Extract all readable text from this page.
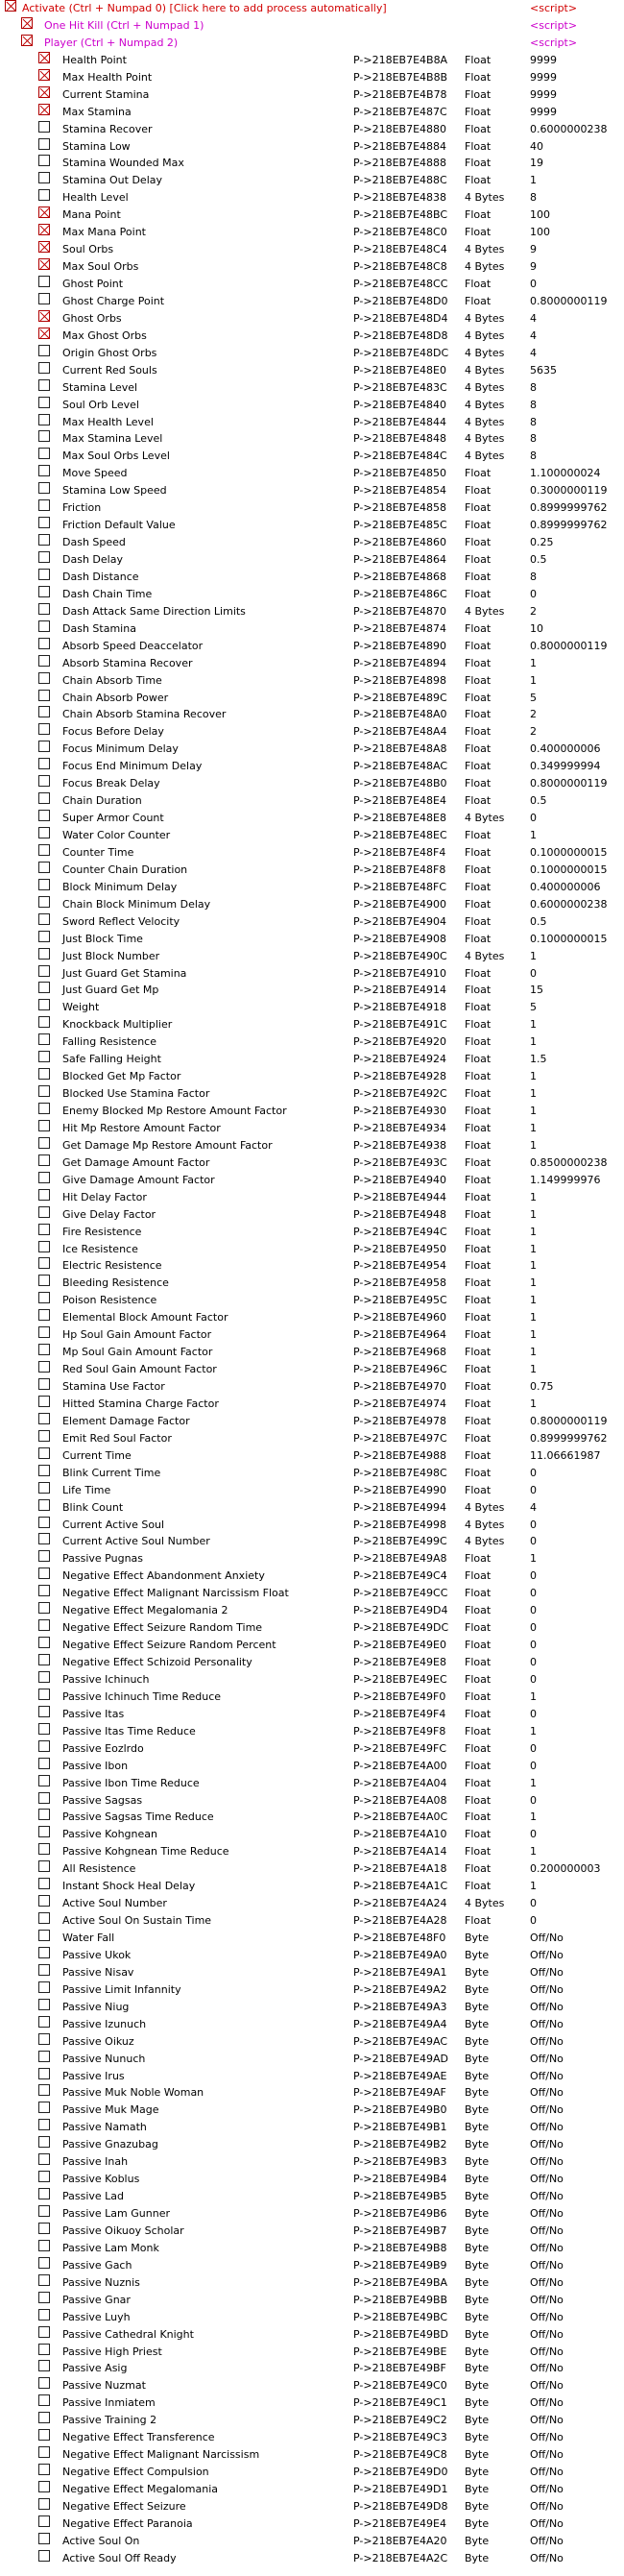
Activate (Ctrl + Numpad 0) [Click here to add process automatically]	<script>
One Hit Kill (Ctrl + Numpad 1)	<script>
Player (Ctrl + Numpad 2)	<script>
Health Point	P->218EB7E4B8A Float	9999
Max Health Point	P->218EB7E4B8B Float	9999
Current Stamina	P->218EB7E4B78 Float	9999
Max Stamina	P->218EB7E487C Float	9999
Stamina Recover	P->218EB7E4880 Float	0.6000000238
Stamina Low	P->218EB7E4884 Float	40
Stamina Wounded Max	P->218EB7E4888 Float	19
Stamina Out Delay	P->218EB7E488C Float	1
Health Level	P->218EB7E4838 4 Bytes 8
Mana Point	P->218EB7E48BC Float	100
Max Mana Point	P->218EB7E48C0 Float	100
Soul Orbs	P->218EB7E48C4 4 Bytes 9
Max Soul Orbs	P->218EB7E48C8 4 Bytes 9
Ghost Point	P->218EB7E48CC Float	0
Ghost Charge Point	P->218EB7E48D0 Float	0.8000000119
Ghost Orbs	P->218EB7E48D4 4 Bytes 4
Max Ghost Orbs	P->218EB7E48D8 4 Bytes 4
Origin Ghost Orbs	P->218EB7E48DC 4 Bytes 4
Current Red Souls	P->218EB7E48E0 4 Bytes 5635
Stamina Level	P->218EB7E483C 4 Bytes 8
Soul Orb Level	P->218EB7E4840 4 Bytes 8
Max Health Level	P->218EB7E4844 4 Bytes 8
Max Stamina Level	P->218EB7E4848 4 Bytes 8
Max Soul Orbs Level	P->218EB7E484C 4 Bytes 8
Move Speed	P->218EB7E4850 Float	1.100000024
Stamina Low Speed	P->218EB7E4854 Float	0.3000000119
Friction	P->218EB7E4858 Float	0.8999999762
Friction Default Value	P->218EB7E485C Float	0.8999999762
Dash Speed	P->218EB7E4860 Float	0.25
Dash Delay	P->218EB7E4864 Float	0.5
Dash Distance	P->218EB7E4868 Float	8
Dash Chain Time	P->218EB7E486C Float	0
Dash Attack Same Direction Limits	P->218EB7E4870 4 Bytes 2
Dash Stamina	P->218EB7E4874 Float	10
Absorb Speed Deaccelator	P->218EB7E4890 Float	0.8000000119
Absorb Stamina Recover	P->218EB7E4894 Float	1
Chain Absorb Time	P->218EB7E4898 Float	1
Chain Absorb Power	P->218EB7E489C Float	5
Chain Absorb Stamina Recover	P->218EB7E48A0 Float	2
Focus Before Delay	P->218EB7E48A4 Float	2
Focus Minimum Delay	P->218EB7E48A8 Float	0.400000006
Focus End Minimum Delay	P->218EB7E48AC Float	0.349999994
Focus Break Delay	P->218EB7E48B0 Float	0.8000000119
Chain Duration	P->218EB7E48E4 Float	0.5
Super Armor Count	P->218EB7E48E8 4 Bytes 0
Water Color Counter	P->218EB7E48EC Float	1
Counter Time	P->218EB7E48F4 Float	0.1000000015
Counter Chain Duration	P->218EB7E48F8 Float	0.1000000015
Block Minimum Delay	P->218EB7E48FC Float	0.400000006
Chain Block Minimum Delay	P->218EB7E4900 Float	0.6000000238
Sword Reflect Velocity	P->218EB7E4904 Float	0.5
Just Block Time	P->218EB7E4908 Float	0.1000000015
Just Block Number	P->218EB7E490C 4 Bytes 1
Just Guard Get Stamina	P->218EB7E4910 Float	0
Just Guard Get Mp	P->218EB7E4914 Float	15
Weight	P->218EB7E4918 Float	5
Knockback Multiplier	P->218EB7E491C Float	1
Falling Resistence	P->218EB7E4920 Float	1
Safe Falling Height	P->218EB7E4924 Float	1.5
Blocked Get Mp Factor	P->218EB7E4928 Float	1
Blocked Use Stamina Factor	P->218EB7E492C Float	1
Enemy Blocked Mp Restore Amount Factor	P->218EB7E4930 Float	1
Hit Mp Restore Amount Factor	P->218EB7E4934 Float	1
Get Damage Mp Restore Amount Factor	P->218EB7E4938 Float	1
Get Damage Amount Factor	P->218EB7E493C Float	0.8500000238
Give Damage Amount Factor	P->218EB7E4940 Float	1.149999976
Hit Delay Factor	P->218EB7E4944 Float	1
Give Delay Factor	P->218EB7E4948 Float	1
Fire Resistence	P->218EB7E494C Float	1
Ice Resistence	P->218EB7E4950 Float	1
Electric Resistence	P->218EB7E4954 Float	1
Bleeding Resistence	P->218EB7E4958 Float	1
Poison Resistence	P->218EB7E495C Float	1
Elemental Block Amount Factor	P->218EB7E4960 Float	1
Hp Soul Gain Amount Factor	P->218EB7E4964 Float	1
Mp Soul Gain Amount Factor	P->218EB7E4968 Float	1
Red Soul Gain Amount Factor	P->218EB7E496C Float	1
Stamina Use Factor	P->218EB7E4970 Float	0.75
Hitted Stamina Charge Factor	P->218EB7E4974 Float	1
Element Damage Factor	P->218EB7E4978 Float	0.8000000119
Emit Red Soul Factor	P->218EB7E497C Float	0.8999999762
Current Time	P->218EB7E4988 Float	11.06661987
Blink Current Time	P->218EB7E498C Float	0
Life Time	P->218EB7E4990 Float	0
Blink Count	P->218EB7E4994 4 Bytes 4
Current Active Soul	P->218EB7E4998 4 Bytes 0
Current Active Soul Number	P->218EB7E499C 4 Bytes 0
Passive Pugnas	P->218EB7E49A8 Float	1
Negative Effect Abandonment Anxiety	P->218EB7E49C4 Float	0
Negative Effect Malignant Narcissism Float	P->218EB7E49CC Float	0
Negative Effect Megalomania 2	P->218EB7E49D4 Float	0
Negative Effect Seizure Random Time	P->218EB7E49DC Float	0
Negative Effect Seizure Random Percent	P->218EB7E49E0 Float	0
Negative Effect Schizoid Personality	P->218EB7E49E8 Float	0
Passive Ichinuch	P->218EB7E49EC Float	0
Passive Ichinuch Time Reduce	P->218EB7E49F0 Float	1
Passive Itas	P->218EB7E49F4 Float	0
Passive Itas Time Reduce	P->218EB7E49F8 Float	1
Passive Eozlrdo	P->218EB7E49FC Float	0
Passive Ibon	P->218EB7E4A00 Float	0
Passive Ibon Time Reduce	P->218EB7E4A04 Float	1
Passive Sagsas	P->218EB7E4A08 Float	0
Passive Sagsas Time Reduce	P->218EB7E4A0C Float	1
Passive Kohgnean	P->218EB7E4A10 Float	0
Passive Kohgnean Time Reduce	P->218EB7E4A14 Float	1
All Resistence	P->218EB7E4A18 Float	0.200000003
Instant Shock Heal Delay	P->218EB7E4A1C Float	1
Active Soul Number	P->218EB7E4A24 4 Bytes 0
Active Soul On Sustain Time	P->218EB7E4A28 Float	0
Water Fall	P->218EB7E48F0 Byte	Off/No
Passive Ukok	P->218EB7E49A0 Byte	Off/No
Passive Nisav	P->218EB7E49A1 Byte	Off/No
Passive Limit Infannity	P->218EB7E49A2 Byte	Off/No
Passive Niug	P->218EB7E49A3 Byte	Off/No
Passive Izunuch	P->218EB7E49A4 Byte	Off/No
Passive Oikuz	P->218EB7E49AC Byte	Off/No
Passive Nunuch	P->218EB7E49AD Byte	Off/No
Passive Irus	P->218EB7E49AE Byte	Off/No
Passive Muk Noble Woman	P->218EB7E49AF Byte	Off/No
Passive Muk Mage	P->218EB7E49B0 Byte	Off/No
Passive Namath	P->218EB7E49B1 Byte	Off/No
Passive Gnazubag	P->218EB7E49B2 Byte	Off/No
Passive Inah	P->218EB7E49B3 Byte	Off/No
Passive Koblus	P->218EB7E49B4 Byte	Off/No
Passive Lad	P->218EB7E49B5 Byte	Off/No
Passive Lam Gunner	P->218EB7E49B6 Byte	Off/No
Passive Oikuoy Scholar	P->218EB7E49B7 Byte	Off/No
Passive Lam Monk	P->218EB7E49B8 Byte	Off/No
Passive Gach	P->218EB7E49B9 Byte	Off/No
Passive Nuznis	P->218EB7E49BA Byte	Off/No
Passive Gnar	P->218EB7E49BB Byte	Off/No
Passive Luyh	P->218EB7E49BC Byte	Off/No
Passive Cathedral Knight	P->218EB7E49BD Byte	Off/No
Passive High Priest	P->218EB7E49BE Byte	Off/No
Passive Asig	P->218EB7E49BF Byte	Off/No
Passive Nuzmat	P->218EB7E49C0 Byte	Off/No
Passive Inmiatem	P->218EB7E49C1 Byte	Off/No
Passive Training 2	P->218EB7E49C2 Byte	Off/No
Negative Effect Transference	P->218EB7E49C3 Byte	Off/No
Negative Effect Malignant Narcissism	P->218EB7E49C8 Byte	Off/No
Negative Effect Compulsion	P->218EB7E49D0 Byte	Off/No
Negative Effect Megalomania	P->218EB7E49D1 Byte	Off/No
Negative Effect Seizure	P->218EB7E49D8 Byte	Off/No
Negative Effect Paranoia	P->218EB7E49E4 Byte	Off/No
Active Soul On	P->218EB7E4A20 Byte	Off/No
Active Soul Off Ready	P->218EB7E4A2C Byte	Off/No
